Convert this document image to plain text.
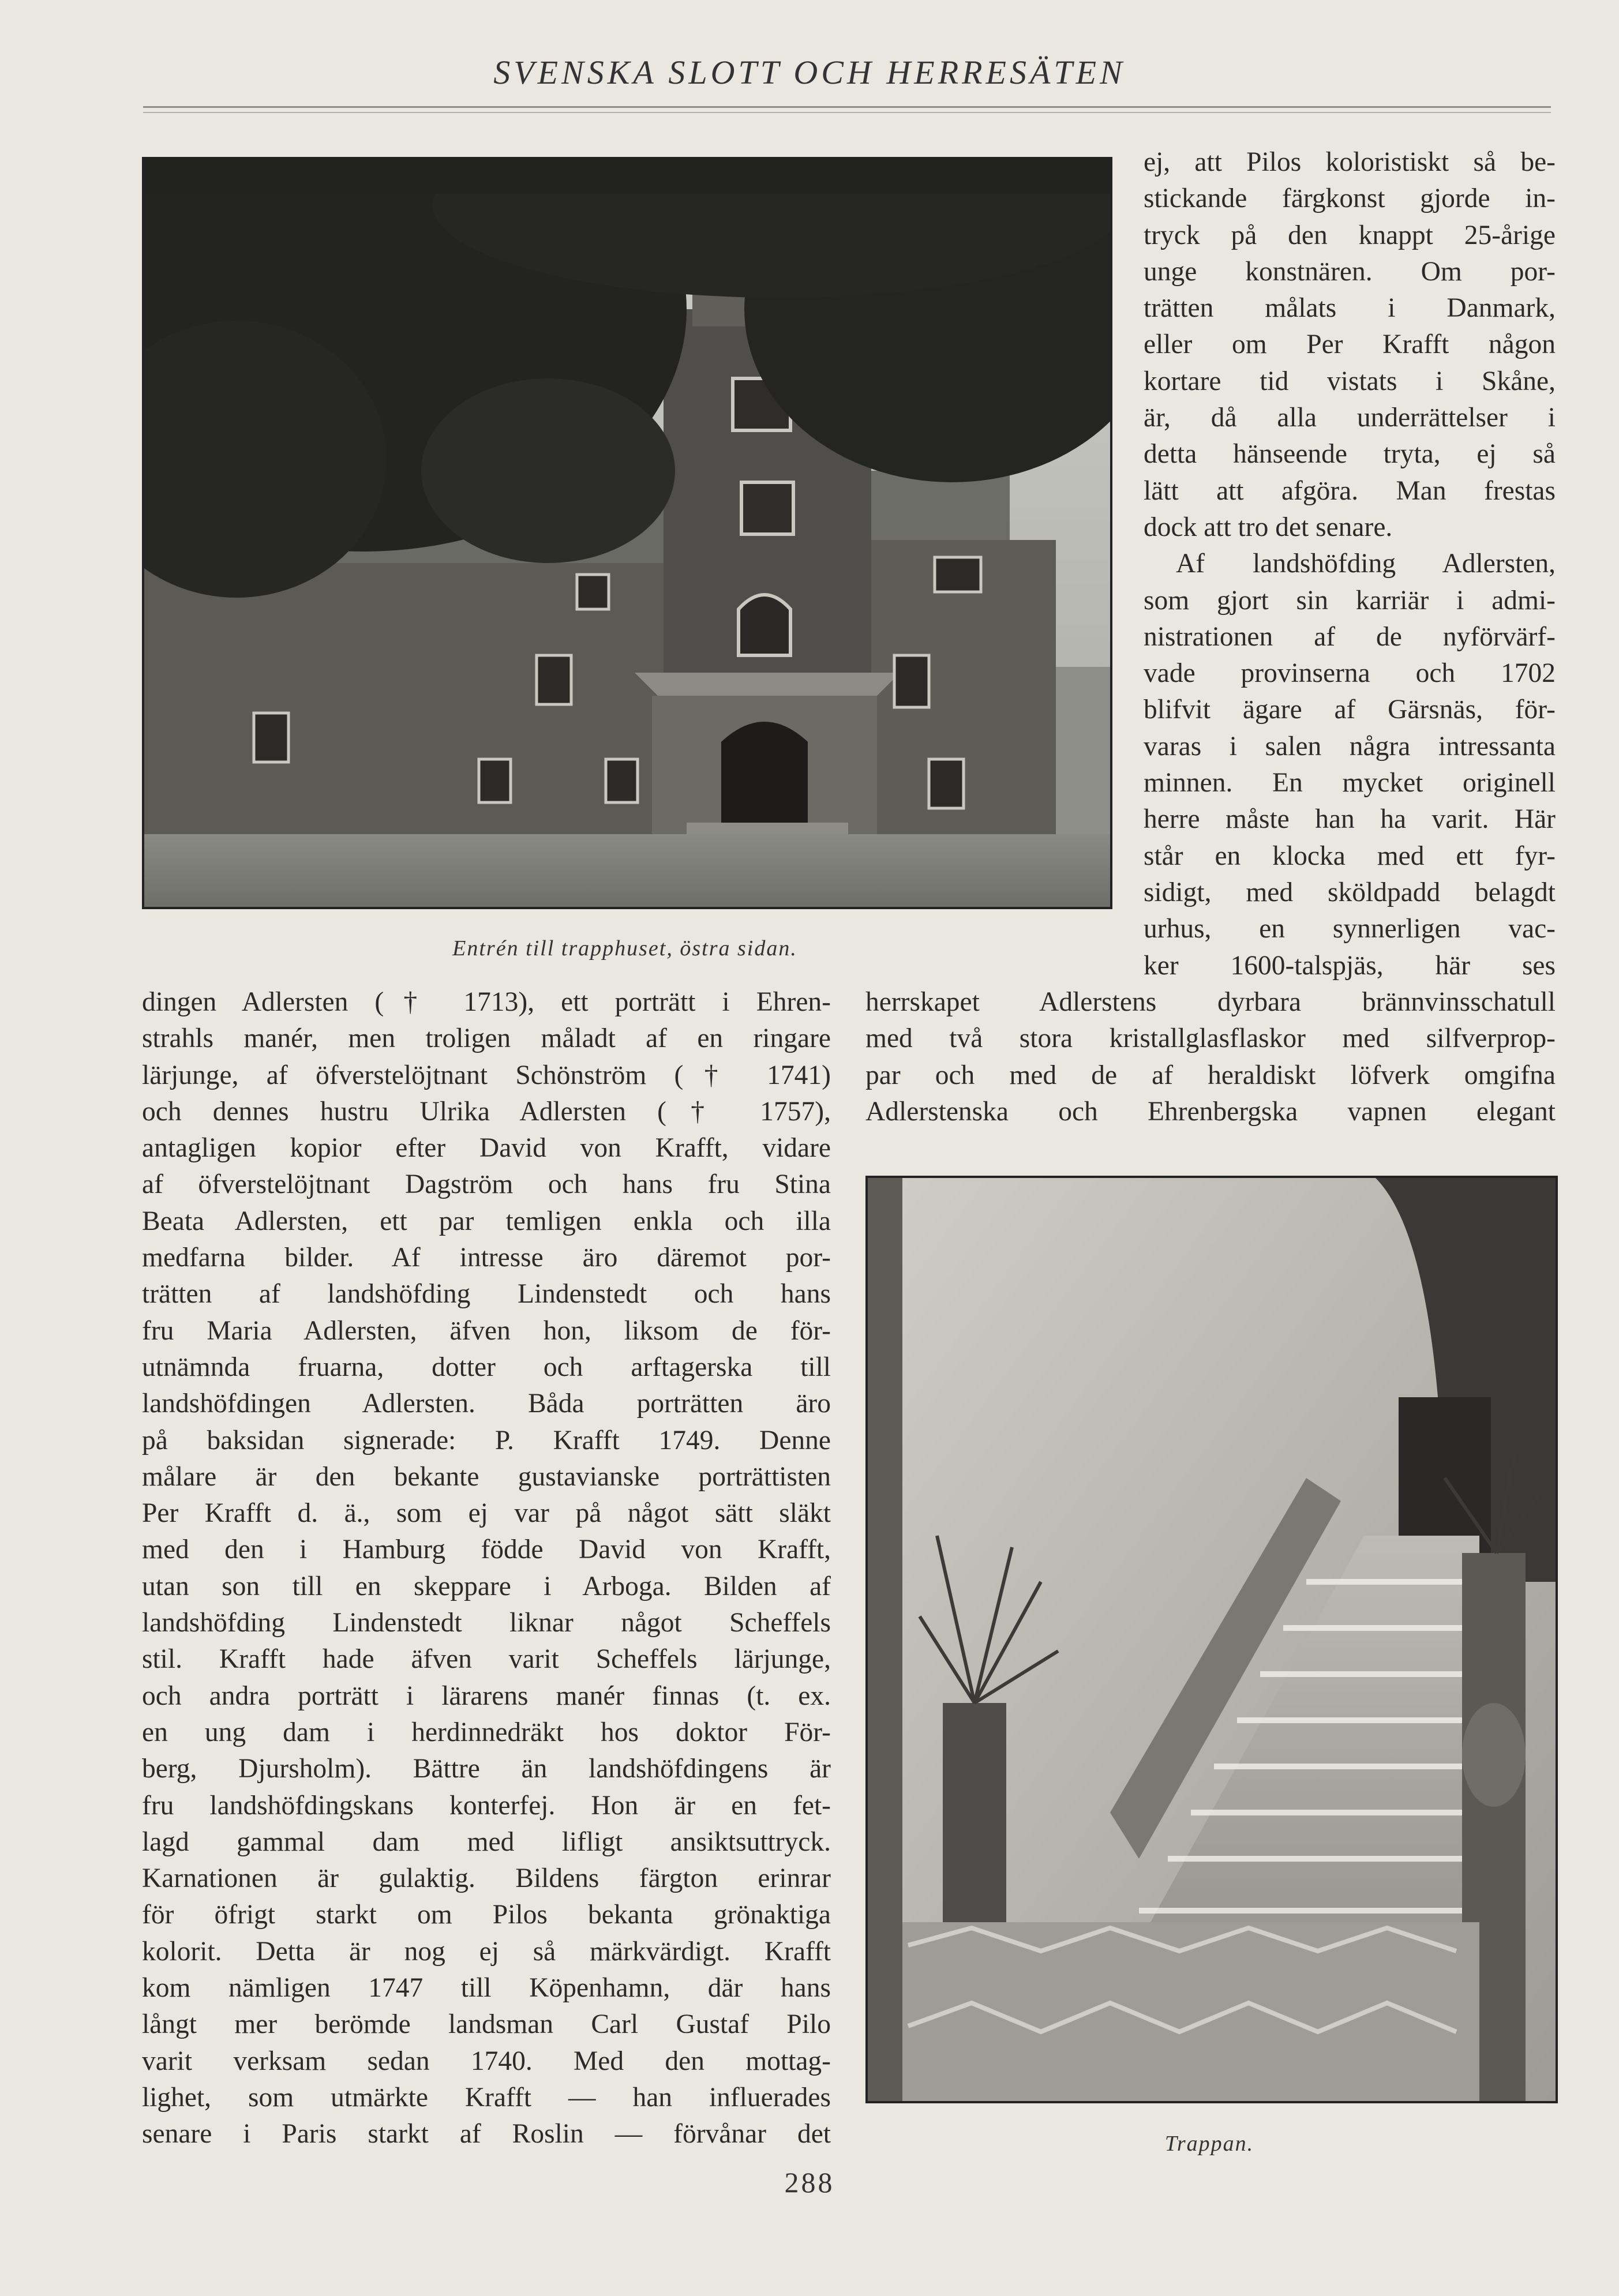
SVENSKA SLOTT OCH HERRESÄTEN
Entrén till trapphuset, östra sidan.
ej, att Pilos koloristiskt så be-
stickande färgkonst gjorde in-
tryck på den knappt 25-årige
unge konstnären. Om por-
trätten målats i Danmark,
eller om Per Krafft någon
kortare tid vistats i Skåne,
är, då alla underrättelser i
detta hänseende tryta, ej så
lätt att afgöra. Man frestas
dock att tro det senare.
Af landshöfding Adlersten,
som gjort sin karriär i admi-
nistrationen af de nyförvärf-
vade provinserna och 1702
blifvit ägare af Gärsnäs, för-
varas i salen några intressanta
minnen. En mycket originell
herre måste han ha varit. Här
står en klocka med ett fyr-
sidigt, med sköldpadd belagdt
urhus, en synnerligen vac-
ker 1600-talspjäs, här ses
dingen Adlersten († 1713), ett porträtt i Ehren-
strahls manér, men troligen måladt af en ringare
lärjunge, af öfverstelöjtnant Schönström († 1741)
och dennes hustru Ulrika Adlersten († 1757),
antagligen kopior efter David von Krafft, vidare
af öfverstelöjtnant Dagström och hans fru Stina
Beata Adlersten, ett par temligen enkla och illa
medfarna bilder. Af intresse äro däremot por-
trätten af landshöfding Lindenstedt och hans
fru Maria Adlersten, äfven hon, liksom de för-
utnämnda fruarna, dotter och arftagerska till
landshöfdingen Adlersten. Båda porträtten äro
på baksidan signerade: P. Krafft 1749. Denne
målare är den bekante gustavianske porträttisten
Per Krafft d. ä., som ej var på något sätt släkt
med den i Hamburg födde David von Krafft,
utan son till en skeppare i Arboga. Bilden af
landshöfding Lindenstedt liknar något Scheffels
stil. Krafft hade äfven varit Scheffels lärjunge,
och andra porträtt i lärarens manér finnas (t. ex.
en ung dam i herdinnedräkt hos doktor För-
berg, Djursholm). Bättre än landshöfdingens är
fru landshöfdingskans konterfej. Hon är en fet-
lagd gammal dam med lifligt ansiktsuttryck.
Karnationen är gulaktig. Bildens färgton erinrar
för öfrigt starkt om Pilos bekanta grönaktiga
kolorit. Detta är nog ej så märkvärdigt. Krafft
kom nämligen 1747 till Köpenhamn, där hans
långt mer berömde landsman Carl Gustaf Pilo
varit verksam sedan 1740. Med den mottag-
lighet, som utmärkte Krafft — han influerades
senare i Paris starkt af Roslin — förvånar det
herrskapet Adlerstens dyrbara brännvinsschatull
med två stora kristallglasflaskor med silfverprop-
par och med de af heraldiskt löfverk omgifna
Adlerstenska och Ehrenbergska vapnen elegant
Trappan.
288
